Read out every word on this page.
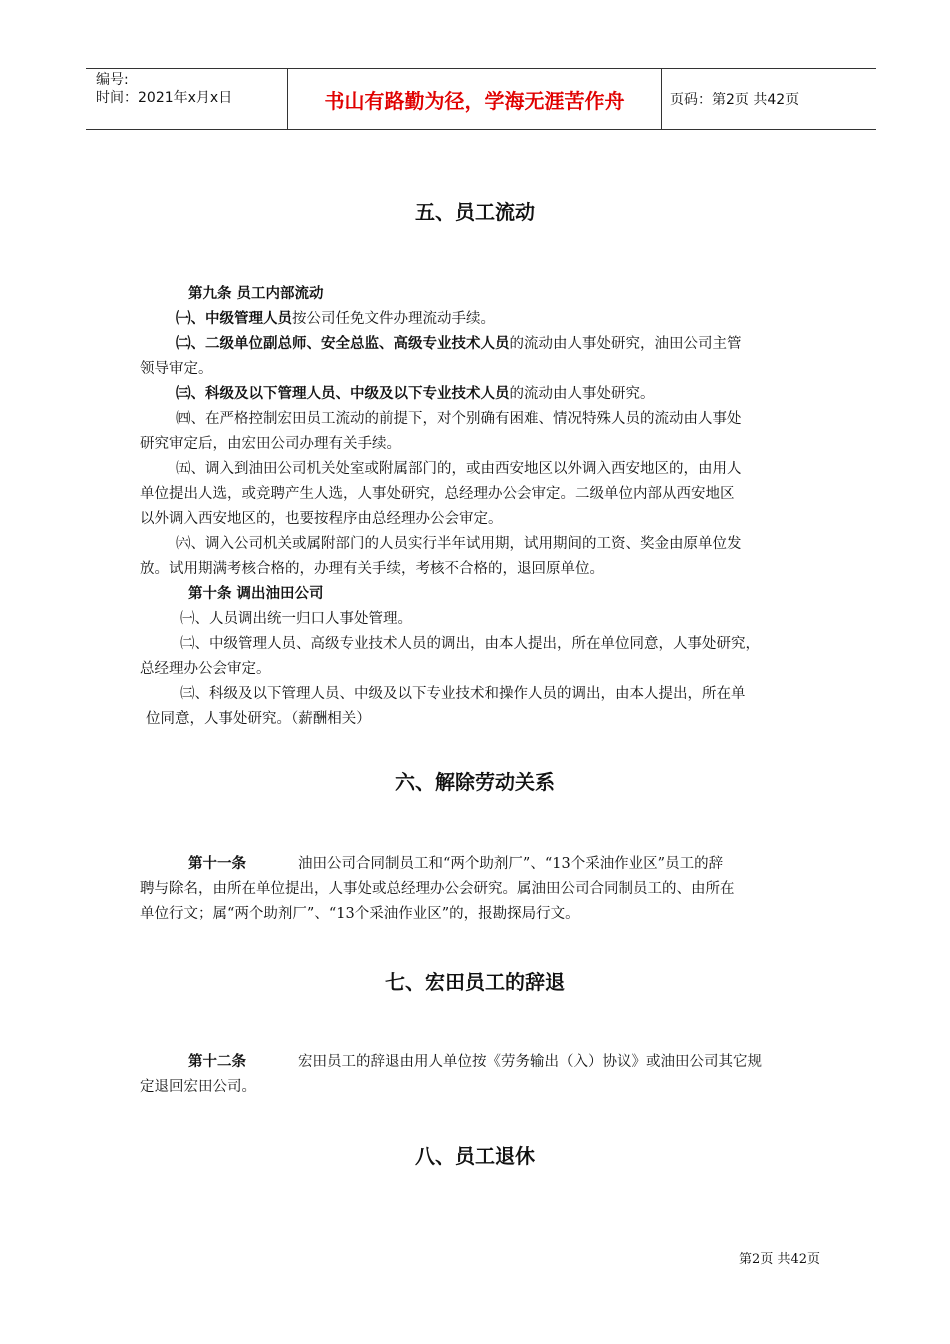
编号:
时间：2021年x月x日	书山有路勤为径，学海无涯苦作舟	页码：第2页 共42页
五、员工流动
第九条 员工内部流动
㈠、中级管理人员按公司任免文件办理流动手续。
㈡、二级单位副总师、安全总监、高级专业技术人员的流动由人事处研究，油田公司主管
领导审定。
㈢、科级及以下管理人员、中级及以下专业技术人员的流动由人事处研究。
㈣、在严格控制宏田员工流动的前提下，对个别确有困难、情况特殊人员的流动由人事处
研究审定后，由宏田公司办理有关手续。
㈤、调入到油田公司机关处室或附属部门的，或由西安地区以外调入西安地区的，由用人
单位提出人选，或竞聘产生人选，人事处研究，总经理办公会审定。二级单位内部从西安地区
以外调入西安地区的，也要按程序由总经理办公会审定。
㈥、调入公司机关或属附部门的人员实行半年试用期，试用期间的工资、奖金由原单位发
放。试用期满考核合格的，办理有关手续，考核不合格的，退回原单位。
第十条 调出油田公司
㈠、人员调出统一归口人事处管理。
㈡、中级管理人员、高级专业技术人员的调出，由本人提出，所在单位同意，人事处研究，
总经理办公会审定。
㈢、科级及以下管理人员、中级及以下专业技术和操作人员的调出，由本人提出，所在单
位同意，人事处研究。（薪酬相关）
六、解除劳动关系
第十一条	油田公司合同制员工和“两个助剂厂”、“13个采油作业区”员工的辞
聘与除名，由所在单位提出，人事处或总经理办公会研究。属油田公司合同制员工的、由所在
单位行文；属“两个助剂厂”、“13个采油作业区”的，报勘探局行文。
七、宏田员工的辞退
第十二条	宏田员工的辞退由用人单位按《劳务输出（入）协议》或油田公司其它规
定退回宏田公司。
八、员工退休
第2页 共42页
